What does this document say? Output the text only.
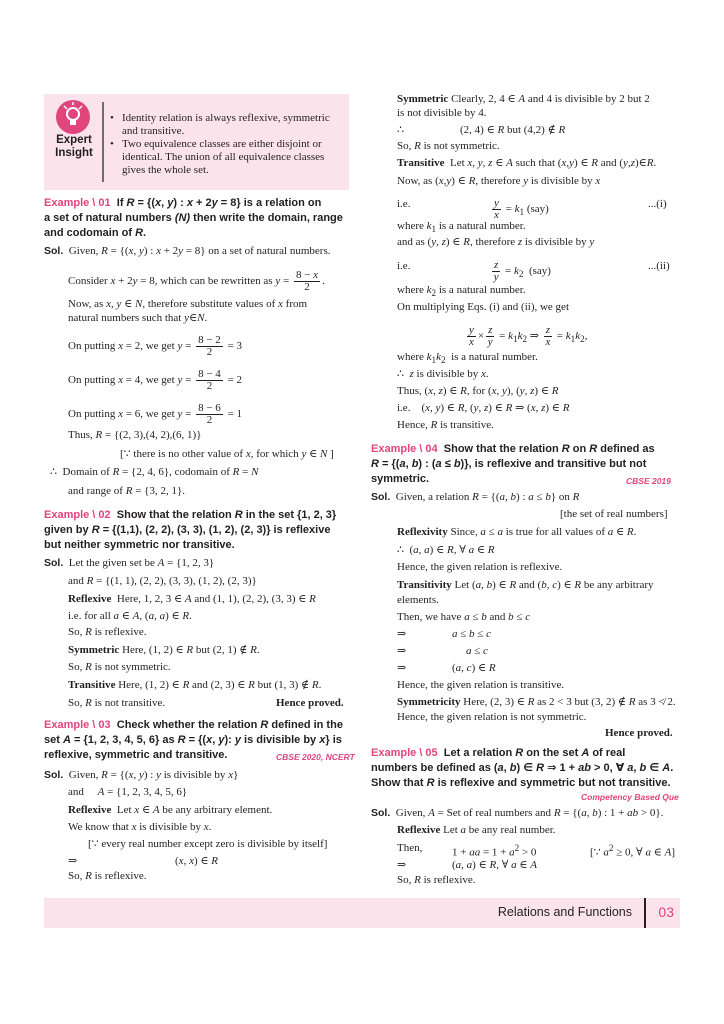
Expert
Insight
Identity relation is always reflexive, symmetric
and transitive.
•
Two equivalence classes are either disjoint or
identical. The union of all equivalence classes
gives the whole set.
•
Relations and Functions 03
Example \ 01  If R = {(x, y) : x + 2y = 8} is a relation on
a set of natural numbers (N) then write the domain, range
and codomain of R.
Sol.  Given, R = {(x, y) : x + 2y = 8} on a set of natural numbers.
Consider x + 2y = 8, which can be rewritten as $y = \frac{8 - x}{2}$ .
Now, as x, y ∈ N, therefore substitute values of x from
natural numbers such that y∈N.
On putting x = 2, we get $y = \frac{8 - 2}{2} = 3$
On putting x = 4, we get $y = \frac{8 - 4}{2} = 2$
On putting x = 6, we get $y = \frac{8 - 6}{2} = 1$
Thus, R = {(2, 3),(4, 2),(6, 1)}
[∵ there is no other value of x, for which y ∈ N ]
∴  Domain of R = {2, 4, 6}, codomain of R = N
and range of R = {3, 2, 1}.
Example \ 02  Show that the relation R in the set {1, 2, 3}
given by R = {(1,1), (2, 2), (3, 3), (1, 2), (2, 3)} is reflexive
but neither symmetric nor transitive.
Sol.  Let the given set be A = {1, 2, 3}
and R = {(1, 1), (2, 2), (3, 3), (1, 2), (2, 3)}
Reflexive  Here, 1, 2, 3 ∈ A and (1, 1), (2, 2), (3, 3) ∈ R
i.e. for all a ∈ A, (a, a) ∈ R.
So, R is reflexive.
Symmetric Here, (1, 2) ∈ R but (2, 1) ∉ R.
So, R is not symmetric.
Transitive Here, (1, 2) ∈ R and (2, 3) ∈ R but (1, 3) ∉ R.
So, R is not transitive.	Hence proved.
Example \ 03  Check whether the relation R defined in the
set A = {1, 2, 3, 4, 5, 6} as R = {(x, y): y is divisible by x} is
reflexive, symmetric and transitive.	CBSE 2020, NCERT
Sol.  Given, R = {(x, y) : y is divisible by x}
and     A = {1, 2, 3, 4, 5, 6}
Reflexive  Let x ∈ A be any arbitrary element.
We know that x is divisible by x.
[∵ every real number except zero is divisible by itself]
⇒	(x, x) ∈ R
So, R is reflexive.
Symmetric Clearly, 2, 4 ∈ A and 4 is divisible by 2 but 2
is not divisible by 4.
∴	(2, 4) ∈ R but (4,2) ∉ R
So, R is not symmetric.
Transitive  Let x, y, z ∈ A such that (x,y) ∈ R and (y,z)∈R.
Now, as (x,y) ∈ R, therefore y is divisible by x
i.e.	$\frac{y}{x} = k_1$ (say)	...(i)
where $k_1$ is a natural number.
and as (y, z) ∈ R, therefore z is divisible by y
i.e.	$\frac{z}{y} = k_2$  (say)	...(ii)
where $k_2$ is a natural number.
On multiplying Eqs. (i) and (ii), we get
$\frac{y}{x} \times \frac{z}{y} = k_1k_2$ ⇒ $\frac{z}{x} = k_1k_2$,
where $k_1k_2$  is a natural number.
∴  z is divisible by x.
Thus, (x, z) ∈ R, for (x, y), (y, z) ∈ R
i.e.    (x, y) ∈ R, (y, z) ∈ R ⇒ (x, z) ∈ R
Hence, R is transitive.
Example \ 04  Show that the relation R on R defined as
R = {(a, b) : (a ≤ b)}, is reflexive and transitive but not
symmetric.	CBSE 2019
Sol.  Given, a relation R = {(a, b) : a ≤ b} on R
[the set of real numbers]
Reflexivity Since, a ≤ a is true for all values of a ∈ R.
∴  (a, a) ∈ R, ∀ a ∈ R
Hence, the given relation is reflexive.
Transitivity Let (a, b) ∈ R and (b, c) ∈ R be any arbitrary
elements.
Then, we have a ≤ b and b ≤ c
⇒	a ≤ b ≤ c
⇒	a ≤ c
⇒	(a, c) ∈ R
Hence, the given relation is transitive.
Symmetricity Here, (2, 3) ∈ R as 2 < 3 but (3, 2) ∉ R as 3 ≮ 2.
Hence, the given relation is not symmetric.
Hence proved.
Example \ 05  Let a relation R on the set A of real
numbers be defined as (a, b) ∈ R ⇒ 1 + ab > 0, ∀ a, b ∈ A.
Show that R is reflexive and symmetric but not transitive.
Competency Based Que
Sol.  Given, A = Set of real numbers and R = {(a, b) : 1 + ab > 0}.
Reflexive Let a be any real number.
Then,	1 + aa = $1 + a^2 > 0$	[∵ $a^2 \ge 0$, ∀ a ∈ A]
⇒	(a, a) ∈ R, ∀ a ∈ A
So, R is reflexive.
